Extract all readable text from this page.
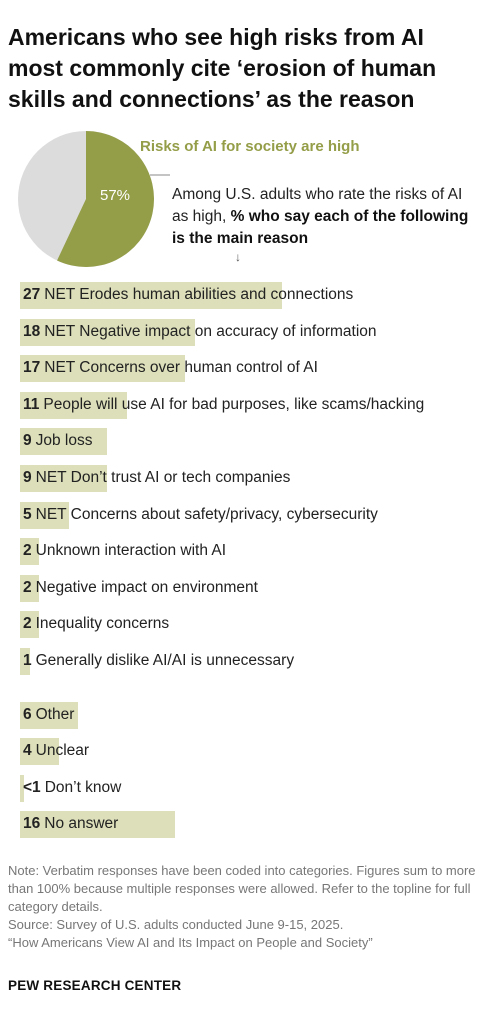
Americans who see high risks from AI most commonly cite ‘erosion of human skills and connections’ as the reason
Risks of AI for society are high
57%	Among U.S. adults who rate the risks of AI as high, % who say each of the following is the main reason
↓
27 NET Erodes human abilities and connections
18 NET Negative impact on accuracy of information
17 NET Concerns over human control of AI
11 People will use AI for bad purposes, like scams/hacking
9 Job loss
9 NET Don’t trust AI or tech companies
5 NET Concerns about safety/privacy, cybersecurity
2 Unknown interaction with AI
2 Negative impact on environment
2 Inequality concerns
1 Generally dislike AI/AI is unnecessary
6 Other
4 Unclear
<1 Don’t know
16 No answer
Note: Verbatim responses have been coded into categories. Figures sum to more than 100% because multiple responses were allowed. Refer to the topline for full category details.
Source: Survey of U.S. adults conducted June 9-15, 2025.
“How Americans View AI and Its Impact on People and Society”
PEW RESEARCH CENTER
